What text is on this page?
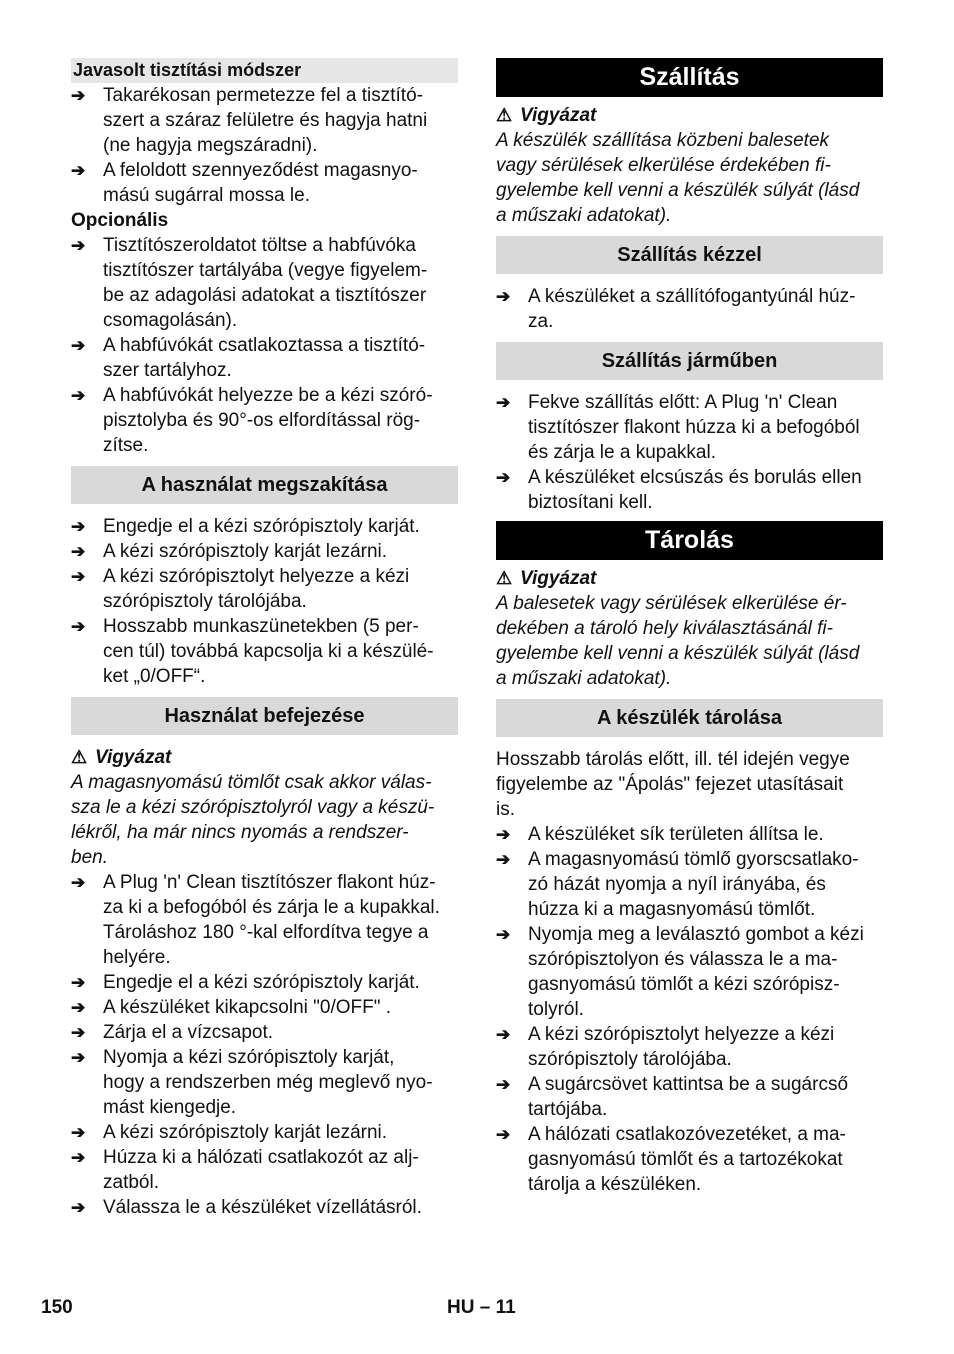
Javasolt tisztítási módszer
➔ Takarékosan permetezze fel a tisztító-
szert a száraz felületre és hagyja hatni
(ne hagyja megszáradni).
➔ A feloldott szennyeződést magasnyo-
mású sugárral mossa le.
Opcionális
➔ Tisztítószeroldatot töltse a habfúvóka
tisztítószer tartályába (vegye figyelem-
be az adagolási adatokat a tisztítószer
csomagolásán).
➔ A habfúvókát csatlakoztassa a tisztító-
szer tartályhoz.
➔ A habfúvókát helyezze be a kézi szóró-
pisztolyba és 90°-os elfordítással rög-
zítse.
A használat megszakítása
➔ Engedje el a kézi szórópisztoly karját.
➔ A kézi szórópisztoly karját lezárni.
➔ A kézi szórópisztolyt helyezze a kézi
szórópisztoly tárolójába.
➔ Hosszabb munkaszünetekben (5 per-
cen túl) továbbá kapcsolja ki a készülé-
ket „0/OFF“.
Használat befejezése
⚠ Vigyázat
A magasnyomású tömlőt csak akkor válas-
sza le a kézi szórópisztolyról vagy a készü-
lékről, ha már nincs nyomás a rendszer-
ben.
➔ A Plug 'n' Clean tisztítószer flakont húz-
za ki a befogóból és zárja le a kupakkal.
Tároláshoz 180 °-kal elfordítva tegye a
helyére.
➔ Engedje el a kézi szórópisztoly karját.
➔ A készüléket kikapcsolni "0/OFF" .
➔ Zárja el a vízcsapot.
➔ Nyomja a kézi szórópisztoly karját,
hogy a rendszerben még meglevő nyo-
mást kiengedje.
➔ A kézi szórópisztoly karját lezárni.
➔ Húzza ki a hálózati csatlakozót az alj-
zatból.
➔ Válassza le a készüléket vízellátásról.
Szállítás
⚠ Vigyázat
A készülék szállítása közbeni balesetek
vagy sérülések elkerülése érdekében fi-
gyelembe kell venni a készülék súlyát (lásd
a műszaki adatokat).
Szállítás kézzel
➔ A készüléket a szállítófogantyúnál húz-
za.
Szállítás járműben
➔ Fekve szállítás előtt: A Plug 'n' Clean
tisztítószer flakont húzza ki a befogóból
és zárja le a kupakkal.
➔ A készüléket elcsúszás és borulás ellen
biztosítani kell.
Tárolás
⚠ Vigyázat
A balesetek vagy sérülések elkerülése ér-
dekében a tároló hely kiválasztásánál fi-
gyelembe kell venni a készülék súlyát (lásd
a műszaki adatokat).
A készülék tárolása
Hosszabb tárolás előtt, ill. tél idején vegye
figyelembe az "Ápolás" fejezet utasításait
is.
➔ A készüléket sík területen állítsa le.
➔ A magasnyomású tömlő gyorscsatlako-
zó házát nyomja a nyíl irányába, és
húzza ki a magasnyomású tömlőt.
➔ Nyomja meg a leválasztó gombot a kézi
szórópisztolyon és válassza le a ma-
gasnyomású tömlőt a kézi szórópisz-
tolyról.
➔ A kézi szórópisztolyt helyezze a kézi
szórópisztoly tárolójába.
➔ A sugárcsövet kattintsa be a sugárcső
tartójába.
➔ A hálózati csatlakozóvezetéket, a ma-
gasnyomású tömlőt és a tartozékokat
tárolja a készüléken.
150	HU – 11
